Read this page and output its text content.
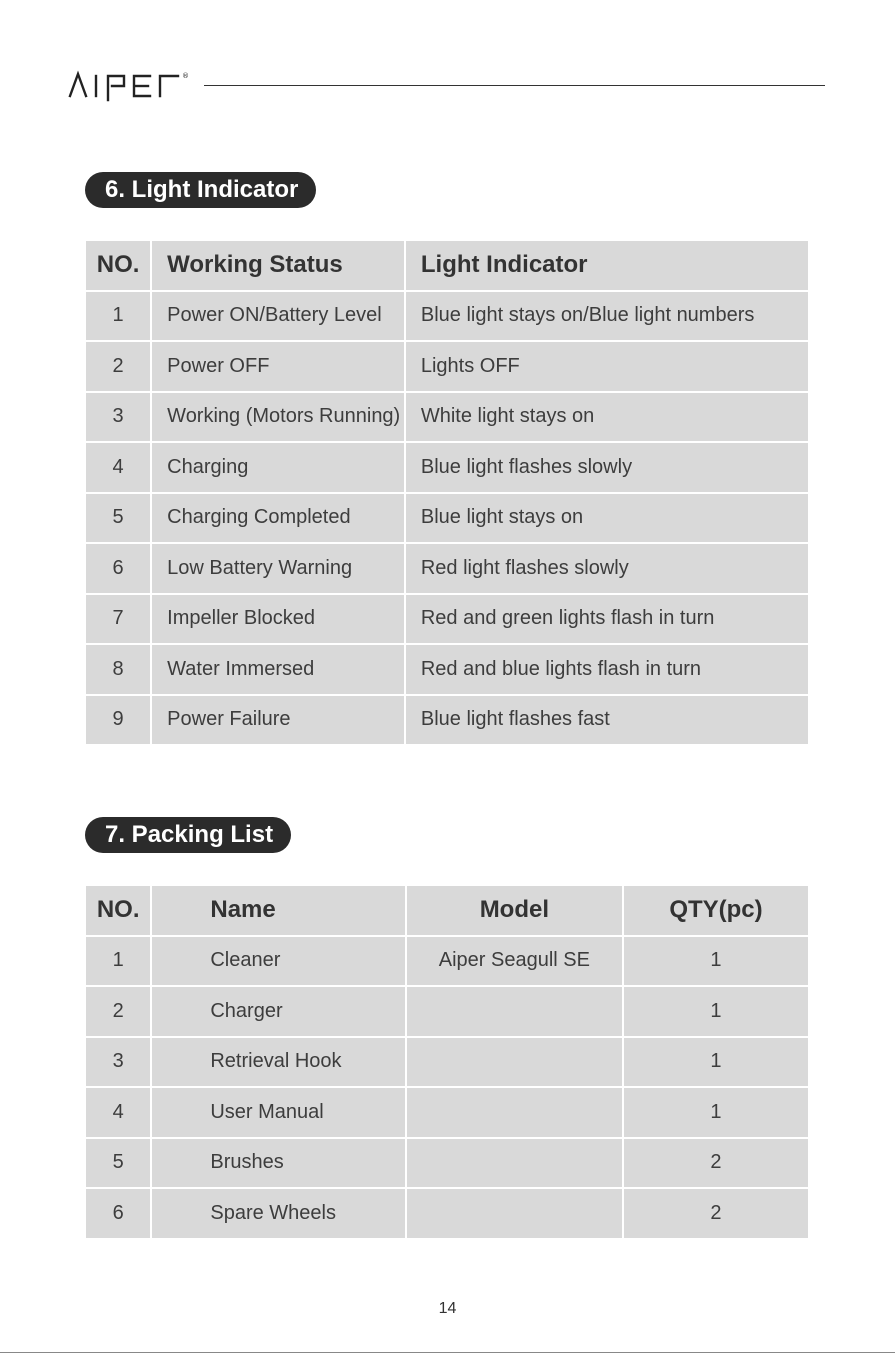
®
6. Light Indicator
NO.	Working Status	Light Indicator
1	Power ON/Battery Level	Blue light stays on/Blue light numbers
2	Power OFF	Lights OFF
3	Working (Motors Running)	White light stays on
4	Charging	Blue light flashes slowly
5	Charging Completed	Blue light stays on
6	Low Battery Warning	Red light flashes slowly
7	Impeller Blocked	Red and green lights flash in turn
8	Water Immersed	Red and blue lights flash in turn
9	Power Failure	Blue light flashes fast
7. Packing List
NO.	Name	Model	QTY(pc)
1	Cleaner	Aiper Seagull SE	1
2	Charger		1
3	Retrieval Hook		1
4	User Manual		1
5	Brushes		2
6	Spare Wheels		2
14
